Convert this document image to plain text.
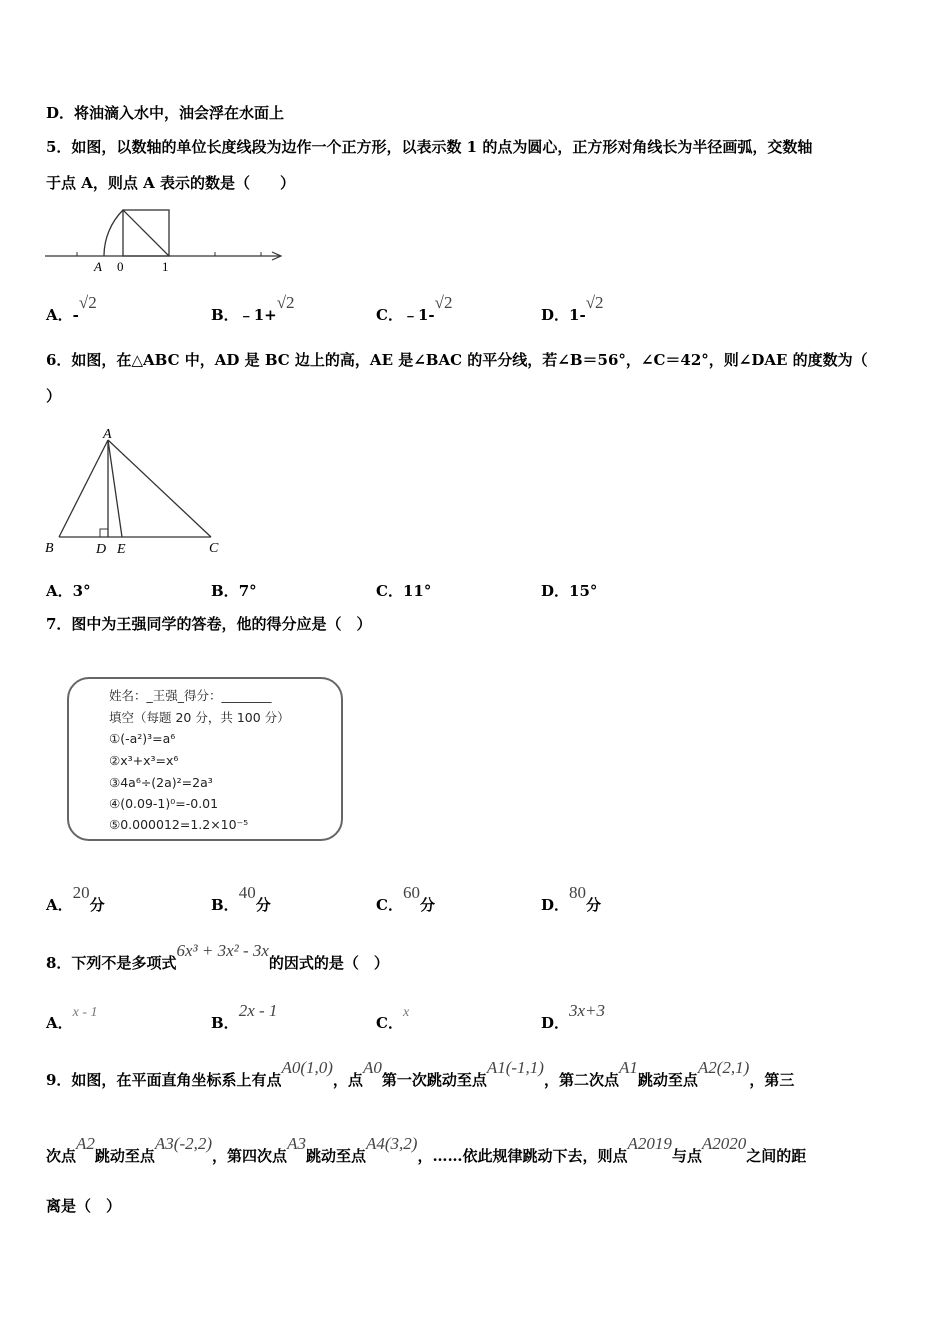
D．将油滴入水中，油会浮在水面上
5．如图，以数轴的单位长度线段为边作一个正方形，以表示数 1 的点为圆心，正方形对角线长为半径画弧，交数轴
于点 A，则点 A 表示的数是（　　）
A 0	1
A．-√2
B．﹣1+√2
C．﹣1-√2
D．1-√2
6．如图，在△ABC 中，AD 是 BC 边上的高，AE 是∠BAC 的平分线，若∠B＝56°，∠C＝42°，则∠DAE 的度数为（
）
A
B	D E	C
A．3°	B．7°	C．11°	D．15°
7．图中为王强同学的答卷，他的得分应是（　）
姓名：_王强_得分：________
填空（每题 20 分，共 100 分）
①(-a²)³=a⁶
②x³+x³=x⁶
③4a⁶÷(2a)²=2a³
④(0.09-1)⁰=-0.01
⑤0.000012=1.2×10⁻⁵
A．20分	B．40分	C．60分	D．80分
8．下列不是多项式6x³ + 3x² - 3x的因式的是（　）
A．x - 1
B．2x - 1
C．x
D．3x+3
9．如图，在平面直角坐标系上有点A0(1,0)，点A0第一次跳动至点A1(-1,1)，第二次点A1跳动至点A2(2,1)，第三
次点A2跳动至点A3(-2,2)，第四次点A3跳动至点A4(3,2)，……依此规律跳动下去，则点A2019与点A2020之间的距
离是（　）
